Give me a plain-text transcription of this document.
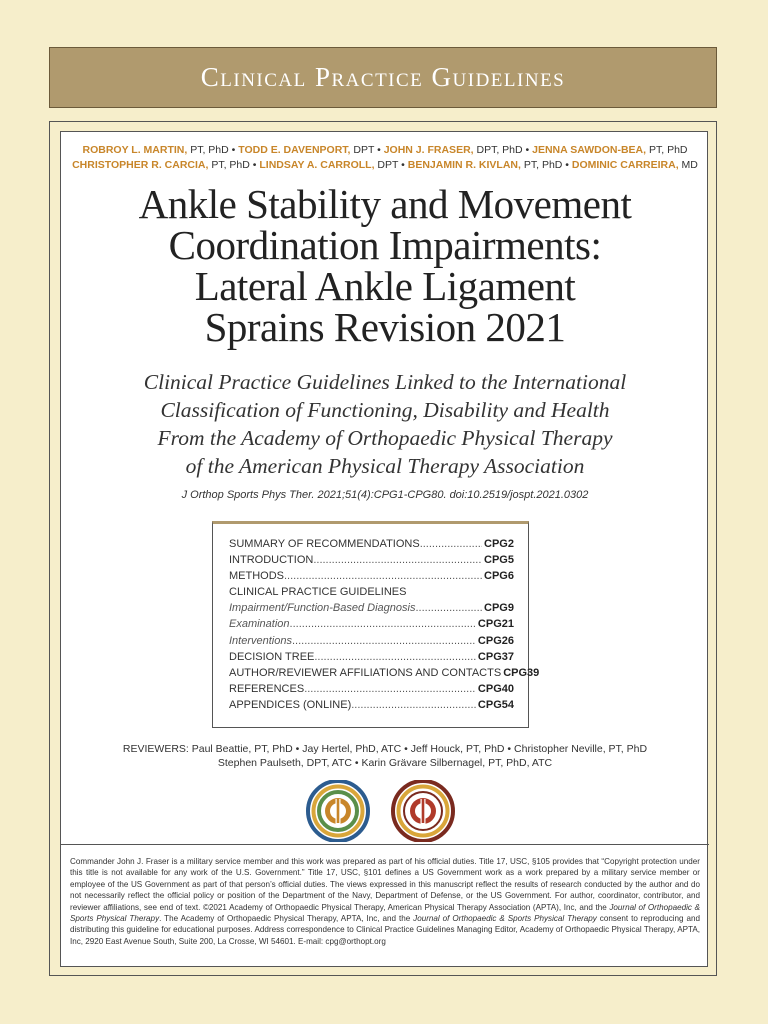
Clinical Practice Guidelines
ROBROY L. MARTIN, PT, PhD • TODD E. DAVENPORT, DPT • JOHN J. FRASER, DPT, PhD • JENNA SAWDON-BEA, PT, PhD
CHRISTOPHER R. CARCIA, PT, PhD • LINDSAY A. CARROLL, DPT • BENJAMIN R. KIVLAN, PT, PhD • DOMINIC CARREIRA, MD
Ankle Stability and Movement
Coordination Impairments:
Lateral Ankle Ligament
Sprains Revision 2021
Clinical Practice Guidelines Linked to the International
Classification of Functioning, Disability and Health
From the Academy of Orthopaedic Physical Therapy
of the American Physical Therapy Association
J Orthop Sports Phys Ther. 2021;51(4):CPG1-CPG80. doi:10.2519/jospt.2021.0302
SUMMARY OF RECOMMENDATIONS .....	CPG2
INTRODUCTION .....	CPG5
METHODS .....	CPG6
CLINICAL PRACTICE GUIDELINES
Impairment/Function-Based Diagnosis .....	CPG9
Examination .....	CPG21
Interventions .....	CPG26
DECISION TREE .....	CPG37
AUTHOR/REVIEWER AFFILIATIONS AND CONTACTS CPG39
REFERENCES .....	CPG40
APPENDICES (ONLINE) .....	CPG54
REVIEWERS: Paul Beattie, PT, PhD • Jay Hertel, PhD, ATC • Jeff Houck, PT, PhD • Christopher Neville, PT, PhD
Stephen Paulseth, DPT, ATC • Karin Grävare Silbernagel, PT, PhD, ATC
Commander John J. Fraser is a military service member and this work was prepared as part of his official duties. Title 17, USC, §105 provides that “Copyright protection under this title is not available for any work of the U.S. Government.” Title 17, USC, §101 defines a US Government work as a work prepared by a military service member or employee of the US Government as part of that person’s official duties. The views expressed in this manuscript reflect the results of research conducted by the author and do not necessarily reflect the official policy or position of the Department of the Navy, Department of Defense, or the US Government. For author, coordinator, contributor, and reviewer affiliations, see end of text. ©2021 Academy of Orthopaedic Physical Therapy, American Physical Therapy Association (APTA), Inc, and the Journal of Orthopaedic & Sports Physical Therapy. The Academy of Orthopaedic Physical Therapy, APTA, Inc, and the Journal of Orthopaedic & Sports Physical Therapy consent to reproducing and distributing this guideline for educational purposes. Address correspondence to Clinical Practice Guidelines Managing Editor, Academy of Orthopaedic Physical Therapy, APTA, Inc, 2920 East Avenue South, Suite 200, La Crosse, WI 54601. E-mail: cpg@orthopt.org
